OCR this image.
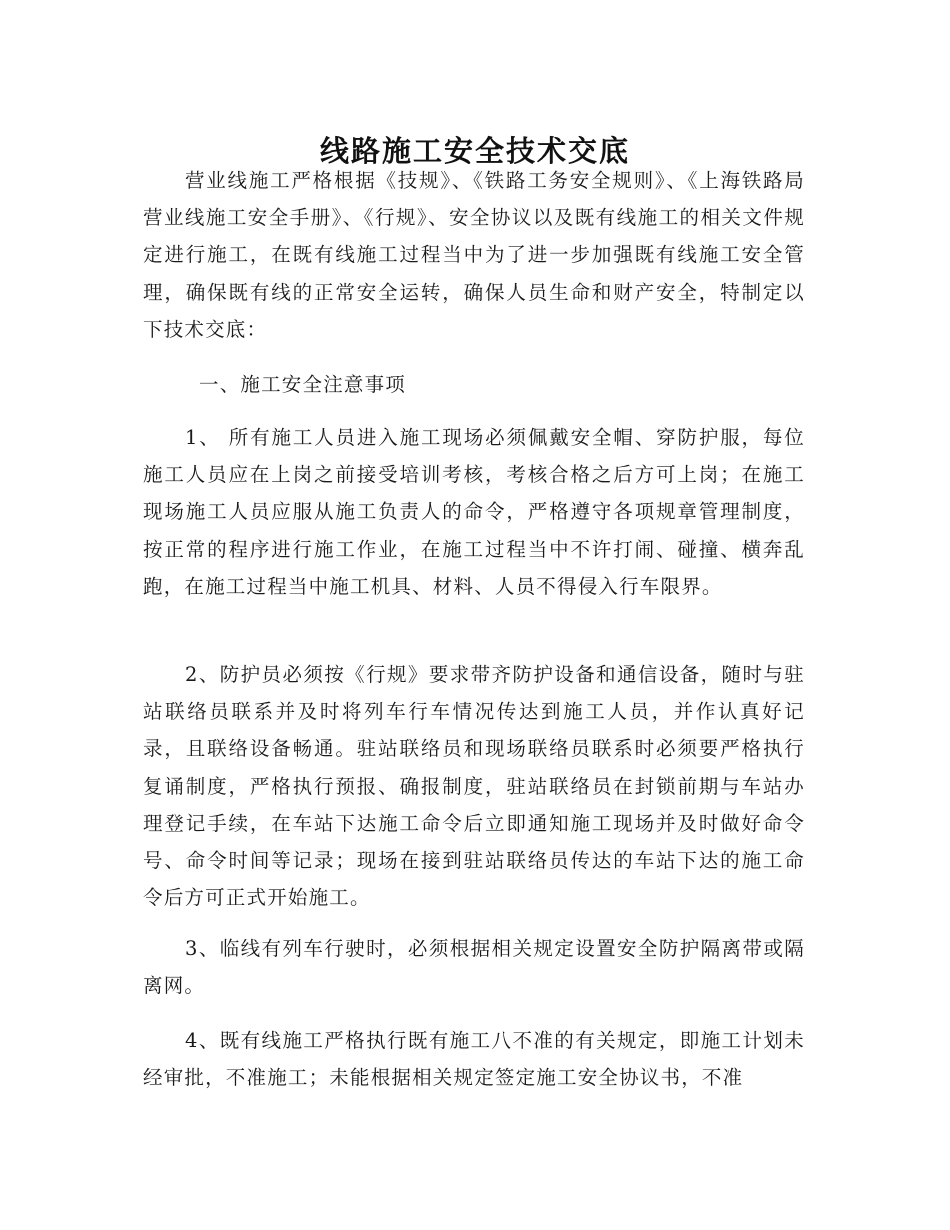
线路施工安全技术交底

营业线施工严格根据《技规》、《铁路工务安全规则》、《上海铁路局营业线施工安全手册》、《行规》、安全协议以及既有线施工的相关文件规定进行施工，在既有线施工过程当中为了进一步加强既有线施工安全管理，确保既有线的正常安全运转，确保人员生命和财产安全，特制定以下技术交底：

一、施工安全注意事项

1、 所有施工人员进入施工现场必须佩戴安全帽、穿防护服，每位施工人员应在上岗之前接受培训考核，考核合格之后方可上岗；在施工现场施工人员应服从施工负责人的命令，严格遵守各项规章管理制度，按正常的程序进行施工作业，在施工过程当中不许打闹、碰撞、横奔乱跑，在施工过程当中施工机具、材料、人员不得侵入行车限界。

2、防护员必须按《行规》要求带齐防护设备和通信设备，随时与驻站联络员联系并及时将列车行车情况传达到施工人员，并作认真好记录，且联络设备畅通。驻站联络员和现场联络员联系时必须要严格执行复诵制度，严格执行预报、确报制度，驻站联络员在封锁前期与车站办理登记手续，在车站下达施工命令后立即通知施工现场并及时做好命令号、命令时间等记录；现场在接到驻站联络员传达的车站下达的施工命令后方可正式开始施工。

3、临线有列车行驶时，必须根据相关规定设置安全防护隔离带或隔离网。

4、既有线施工严格执行既有施工八不准的有关规定，即施工计划未经审批，不准施工；未能根据相关规定签定施工安全协议书，不准
